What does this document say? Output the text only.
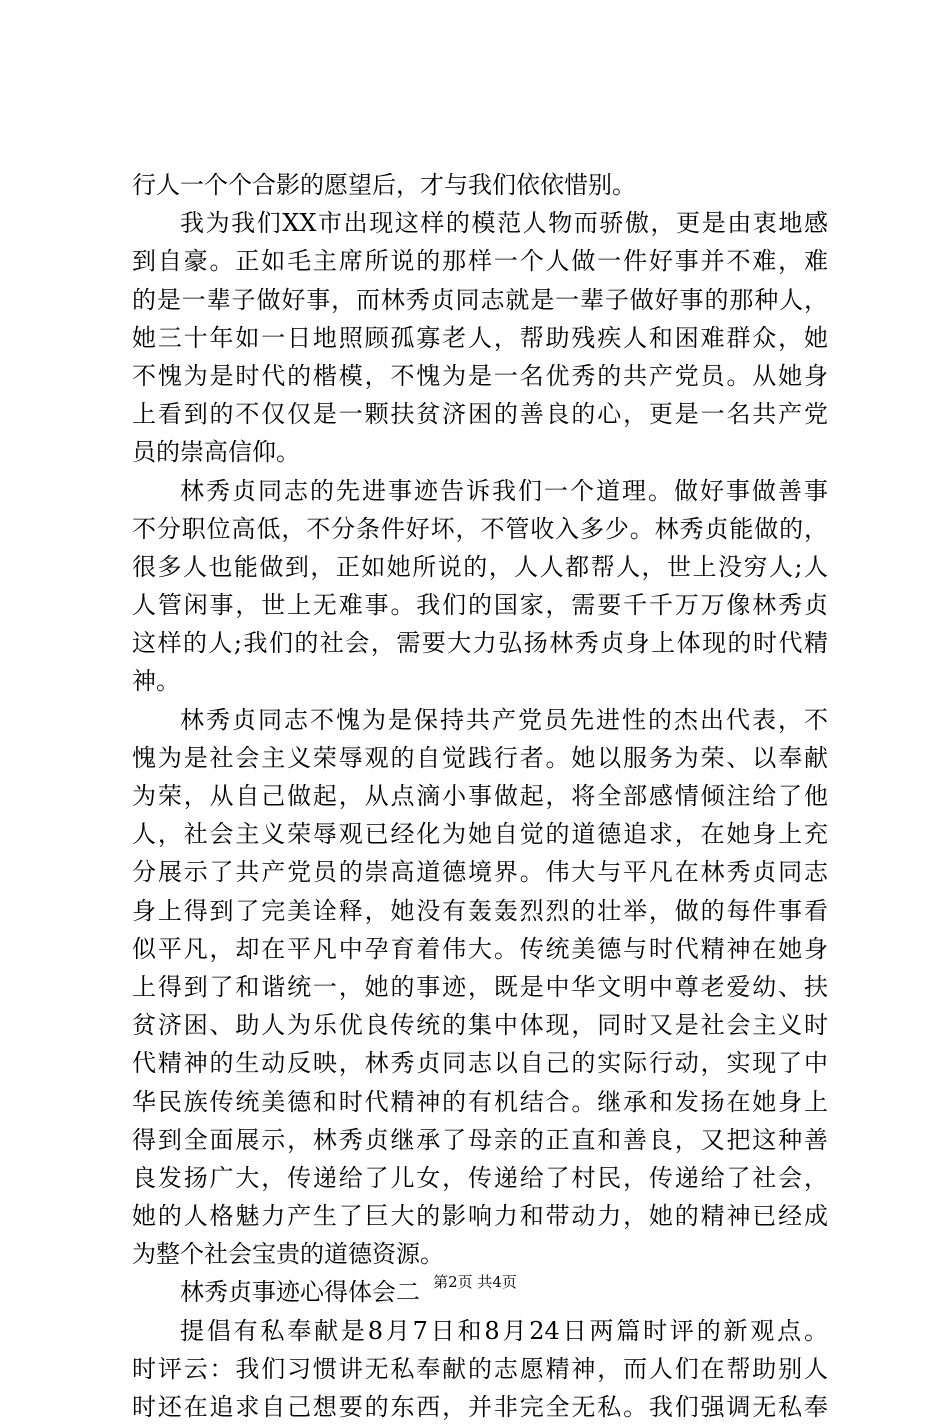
行人一个个合影的愿望后，才与我们依依惜别。
我为我们XX市出现这样的模范人物而骄傲，更是由衷地感
到自豪。正如毛主席所说的那样一个人做一件好事并不难，难
的是一辈子做好事，而林秀贞同志就是一辈子做好事的那种人，
她三十年如一日地照顾孤寡老人，帮助残疾人和困难群众，她
不愧为是时代的楷模，不愧为是一名优秀的共产党员。从她身
上看到的不仅仅是一颗扶贫济困的善良的心，更是一名共产党
员的崇高信仰。
林秀贞同志的先进事迹告诉我们一个道理。做好事做善事
不分职位高低，不分条件好坏，不管收入多少。林秀贞能做的，
很多人也能做到，正如她所说的，人人都帮人，世上没穷人;人
人管闲事，世上无难事。我们的国家，需要千千万万像林秀贞
这样的人;我们的社会，需要大力弘扬林秀贞身上体现的时代精
神。
林秀贞同志不愧为是保持共产党员先进性的杰出代表，不
愧为是社会主义荣辱观的自觉践行者。她以服务为荣、以奉献
为荣，从自己做起，从点滴小事做起，将全部感情倾注给了他
人，社会主义荣辱观已经化为她自觉的道德追求，在她身上充
分展示了共产党员的崇高道德境界。伟大与平凡在林秀贞同志
身上得到了完美诠释，她没有轰轰烈烈的壮举，做的每件事看
似平凡，却在平凡中孕育着伟大。传统美德与时代精神在她身
上得到了和谐统一，她的事迹，既是中华文明中尊老爱幼、扶
贫济困、助人为乐优良传统的集中体现，同时又是社会主义时
代精神的生动反映，林秀贞同志以自己的实际行动，实现了中
华民族传统美德和时代精神的有机结合。继承和发扬在她身上
得到全面展示，林秀贞继承了母亲的正直和善良，又把这种善
良发扬广大，传递给了儿女，传递给了村民，传递给了社会，
她的人格魅力产生了巨大的影响力和带动力，她的精神已经成
为整个社会宝贵的道德资源。
林秀贞事迹心得体会二
提倡有私奉献是8月7日和8月24日两篇时评的新观点。
时评云：我们习惯讲无私奉献的志愿精神，而人们在帮助别人
时还在追求自己想要的东西，并非完全无私。我们强调无私奉
第2页 共4页
